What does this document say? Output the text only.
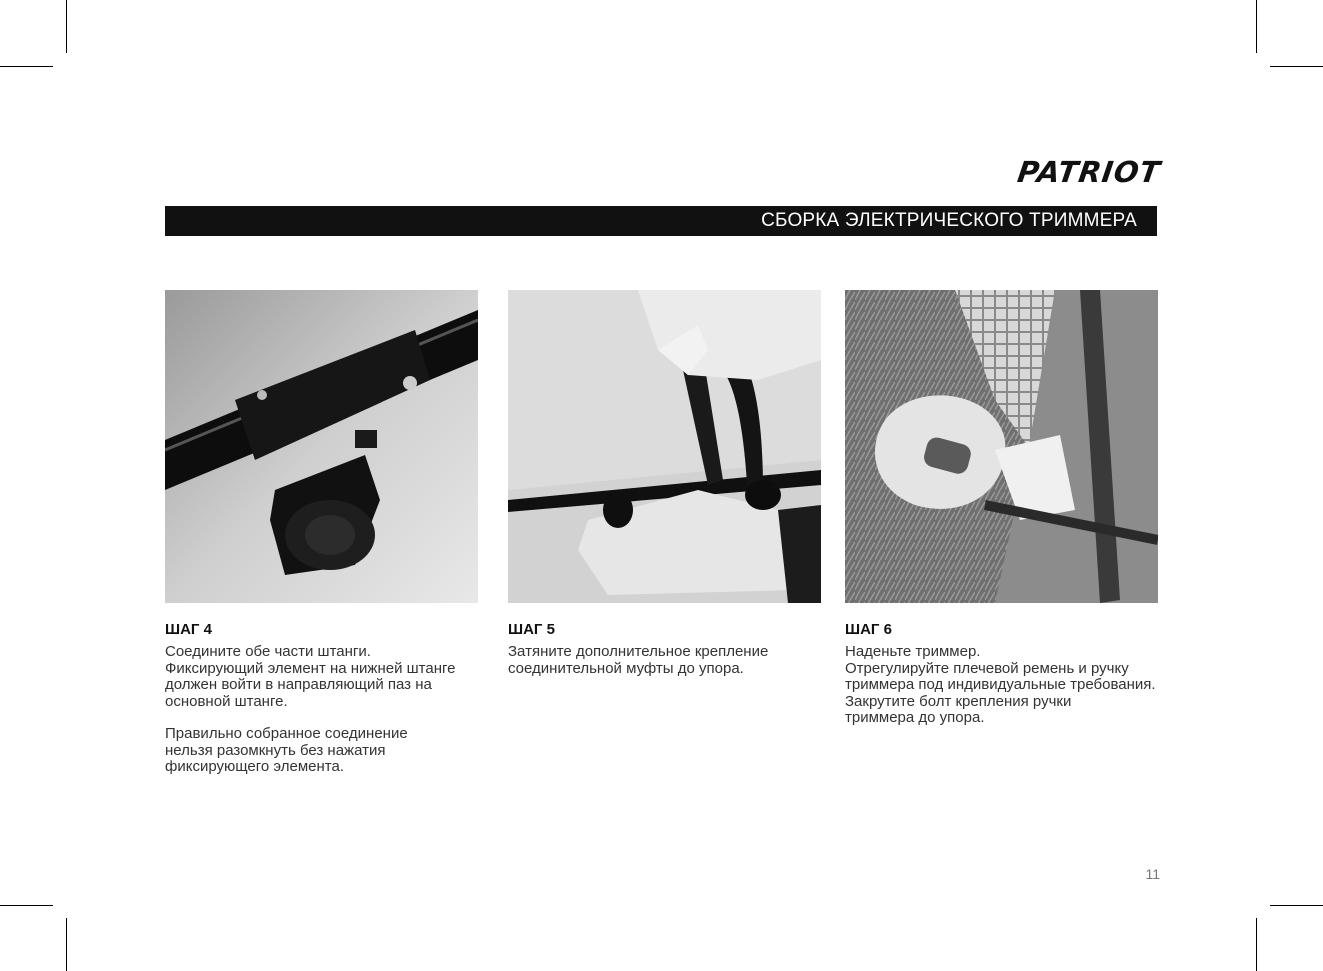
PATRIOT
СБОРКА ЭЛЕКТРИЧЕСКОГО ТРИММЕРА

ШАГ 4

Соедините обе части штанги. Фиксирующий элемент на нижней штанге должен войти в направляющий паз на основной штанге.

Правильно собранное соединение нельзя разомкнуть без нажатия фиксирующего элемента.

ШАГ 5

Затяните дополнительное крепление соединительной муфты до упора.

ШАГ 6

Наденьте триммер.

Отрегулируйте плечевой ремень и ручку триммера под индивидуальные требования.

Закрутите болт крепления ручки триммера до упора.

11
